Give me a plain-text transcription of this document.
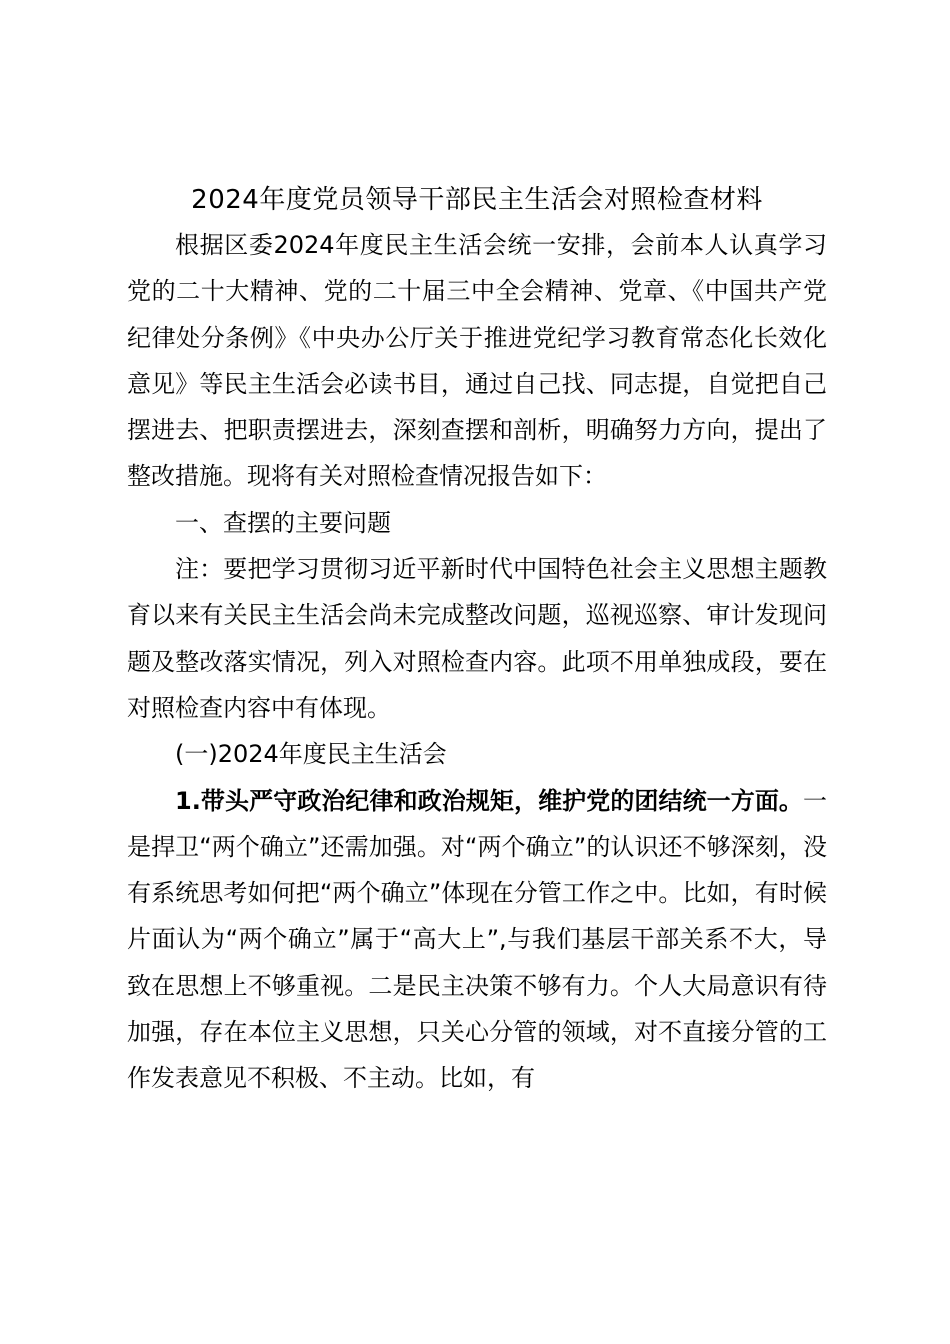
2024年度党员领导干部民主生活会对照检查材料

根据区委2024年度民主生活会统一安排，会前本人认真学习党的二十大精神、党的二十届三中全会精神、党章、《中国共产党纪律处分条例》《中央办公厅关于推进党纪学习教育常态化长效化意见》等民主生活会必读书目，通过自己找、同志提，自觉把自己摆进去、把职责摆进去，深刻查摆和剖析，明确努力方向，提出了整改措施。现将有关对照检查情况报告如下：

一、查摆的主要问题

注：要把学习贯彻习近平新时代中国特色社会主义思想主题教育以来有关民主生活会尚未完成整改问题，巡视巡察、审计发现问题及整改落实情况，列入对照检查内容。此项不用单独成段，要在对照检查内容中有体现。

(一)2024年度民主生活会

1.带头严守政治纪律和政治规矩，维护党的团结统一方面。一是捍卫“两个确立”还需加强。对“两个确立”的认识还不够深刻，没有系统思考如何把“两个确立”体现在分管工作之中。比如，有时候片面认为“两个确立”属于“高大上”,与我们基层干部关系不大，导致在思想上不够重视。二是民主决策不够有力。个人大局意识有待加强，存在本位主义思想，只关心分管的领域，对不直接分管的工作发表意见不积极、不主动。比如，有
